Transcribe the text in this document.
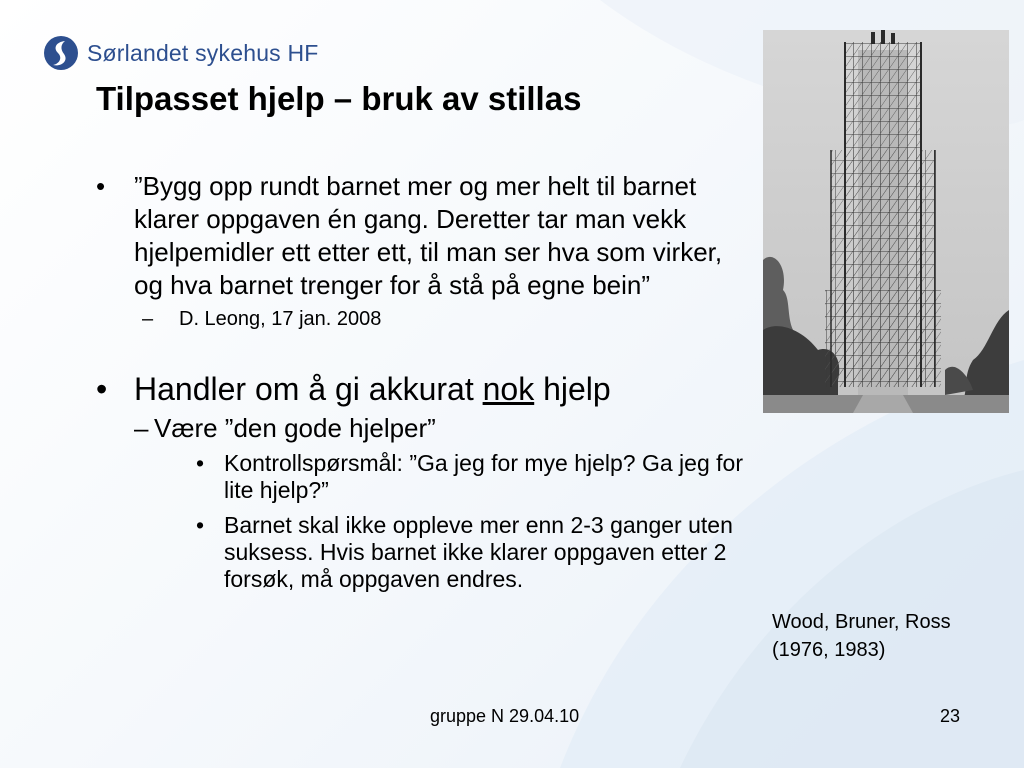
Sørlandet sykehus HF
Tilpasset hjelp – bruk av stillas
•	”Bygg opp rundt barnet mer og mer helt til barnet klarer oppgaven én gang. Deretter tar man vekk hjelpemidler ett etter ett, til man ser hva som virker, og hva barnet trenger for å stå på egne bein”
–	D. Leong, 17 jan. 2008
• Handler om å gi akkurat nok hjelp
– Være ”den gode hjelper”
• Kontrollspørsmål: ”Ga jeg for mye hjelp? Ga jeg for lite hjelp?”
• Barnet skal ikke oppleve mer enn 2-3 ganger uten suksess. Hvis barnet ikke klarer oppgaven etter 2 forsøk, må oppgaven endres.
Wood, Bruner, Ross
(1976, 1983)
gruppe N 29.04.10	23
